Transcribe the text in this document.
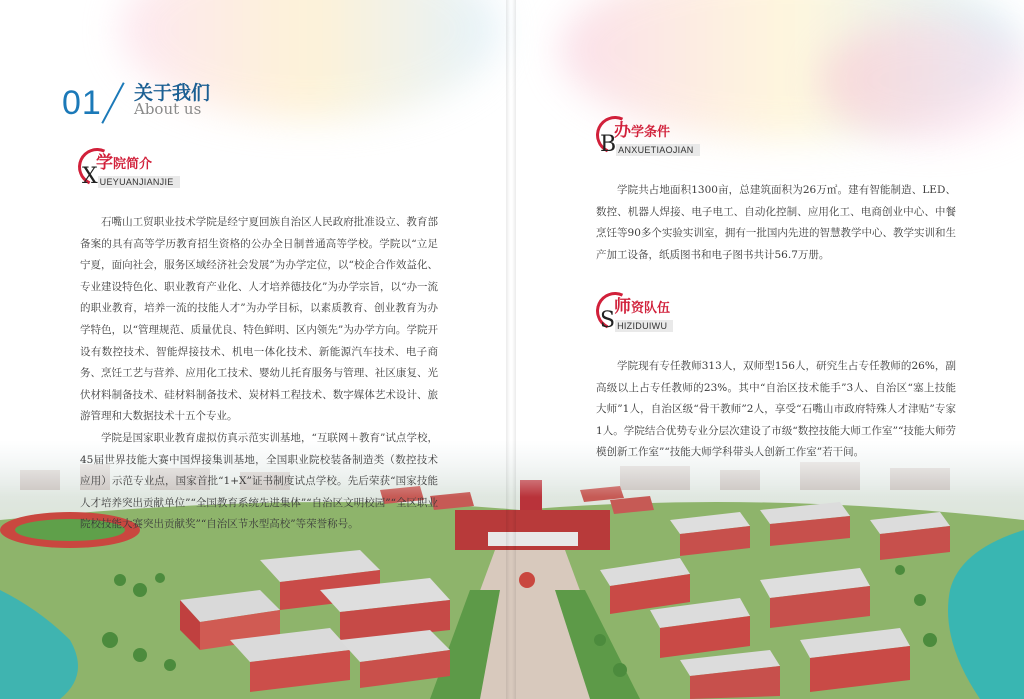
01 关于我们
About us
学院简介
XUEYUANJIANJIE

石嘴山工贸职业技术学院是经宁夏回族自治区人民政府批准设立、教育部备案的具有高等学历教育招生资格的公办全日制普通高等学校。学院以“立足宁夏，面向社会，服务区域经济社会发展”为办学定位，以“校企合作效益化、专业建设特色化、职业教育产业化、人才培养德技化”为办学宗旨，以“办一流的职业教育，培养一流的技能人才”为办学目标，以素质教育、创业教育为办学特色，以“管理规范、质量优良、特色鲜明、区内领先”为办学方向。学院开设有数控技术、智能焊接技术、机电一体化技术、新能源汽车技术、电子商务、烹饪工艺与营养、应用化工技术、婴幼儿托育服务与管理、社区康复、光伏材料制备技术、硅材料制备技术、炭材料工程技术、数字媒体艺术设计、旅游管理和大数据技术十五个专业。

学院是国家职业教育虚拟仿真示范实训基地，“互联网＋教育”试点学校，45届世界技能大赛中国焊接集训基地，全国职业院校装备制造类（数控技术应用）示范专业点，国家首批“1+X”证书制度试点学校。先后荣获“国家技能人才培养突出贡献单位”“全国教育系统先进集体”“自治区文明校园”“全区职业院校技能大赛突出贡献奖”“自治区节水型高校”等荣誉称号。

办学条件
BANXUETIAOJIAN

学院共占地面积1300亩，总建筑面积为26万㎡。建有智能制造、LED、数控、机器人焊接、电子电工、自动化控制、应用化工、电商创业中心、中餐烹饪等90多个实验实训室，拥有一批国内先进的智慧教学中心、教学实训和生产加工设备，纸质图书和电子图书共计56.7万册。

师资队伍
SHIZIDUIWU

学院现有专任教师313人，双师型156人，研究生占专任教师的26%，副高级以上占专任教师的23%。其中“自治区技术能手”3人、自治区“塞上技能大师”1人，自治区级“骨干教师”2人，享受“石嘴山市政府特殊人才津贴”专家1人。学院结合优势专业分层次建设了市级“数控技能大师工作室”“技能大师劳模创新工作室”“技能大师学科带头人创新工作室”若干间。
